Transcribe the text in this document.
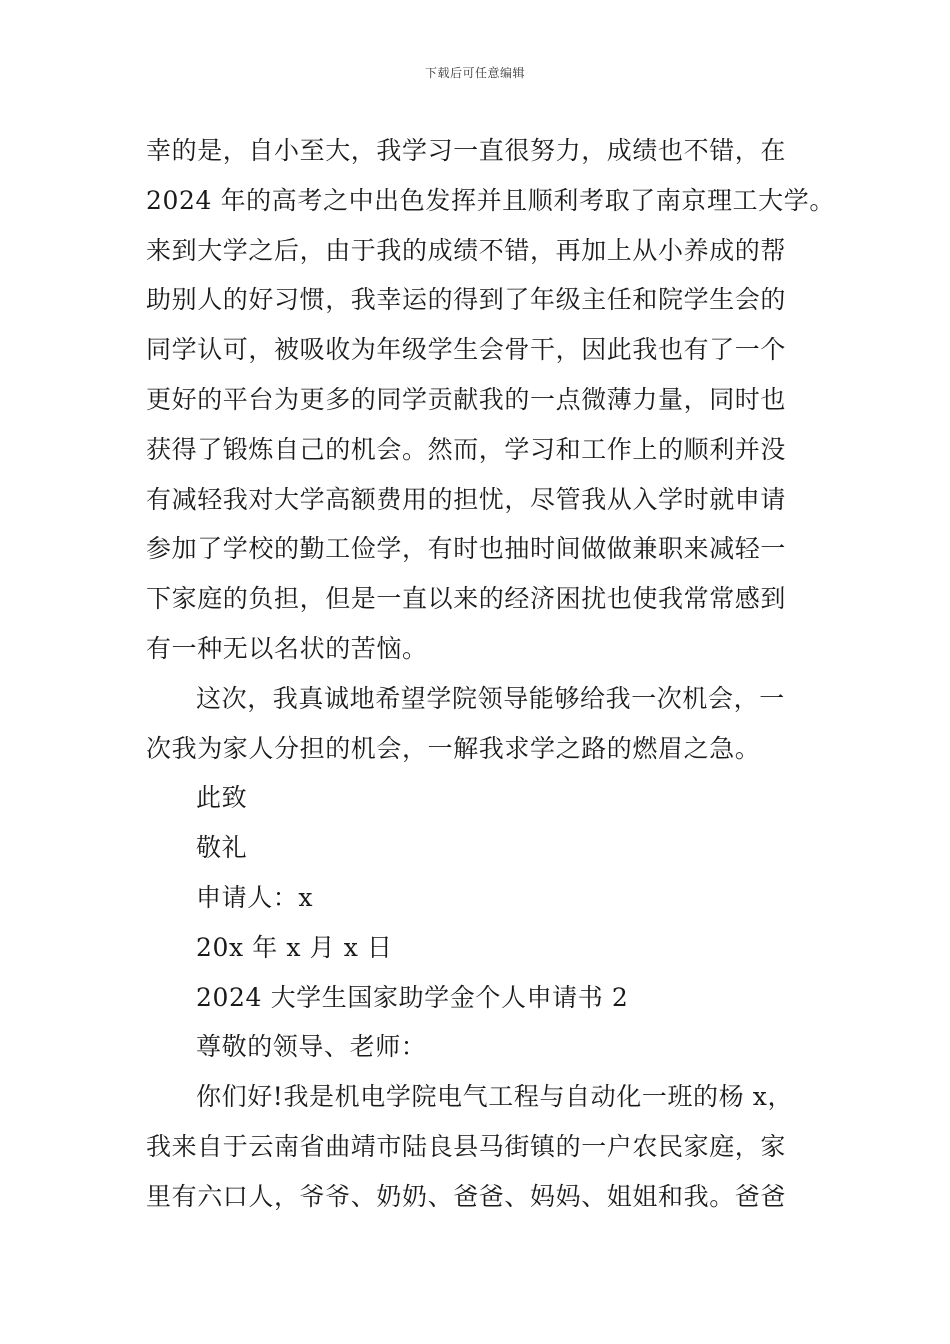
下载后可任意编辑
幸的是，自小至大，我学习一直很努力，成绩也不错，在
2024 年的高考之中出色发挥并且顺利考取了南京理工大学。
来到大学之后，由于我的成绩不错，再加上从小养成的帮
助别人的好习惯，我幸运的得到了年级主任和院学生会的
同学认可，被吸收为年级学生会骨干，因此我也有了一个
更好的平台为更多的同学贡献我的一点微薄力量，同时也
获得了锻炼自己的机会。然而，学习和工作上的顺利并没
有减轻我对大学高额费用的担忧，尽管我从入学时就申请
参加了学校的勤工俭学，有时也抽时间做做兼职来减轻一
下家庭的负担，但是一直以来的经济困扰也使我常常感到
有一种无以名状的苦恼。
这次，我真诚地希望学院领导能够给我一次机会，一
次我为家人分担的机会，一解我求学之路的燃眉之急。
此致
敬礼
申请人：x
20x 年 x 月 x 日
2024 大学生国家助学金个人申请书 2
尊敬的领导、老师：
你们好!我是机电学院电气工程与自动化一班的杨 x，
我来自于云南省曲靖市陆良县马街镇的一户农民家庭，家
里有六口人，爷爷、奶奶、爸爸、妈妈、姐姐和我。爸爸
